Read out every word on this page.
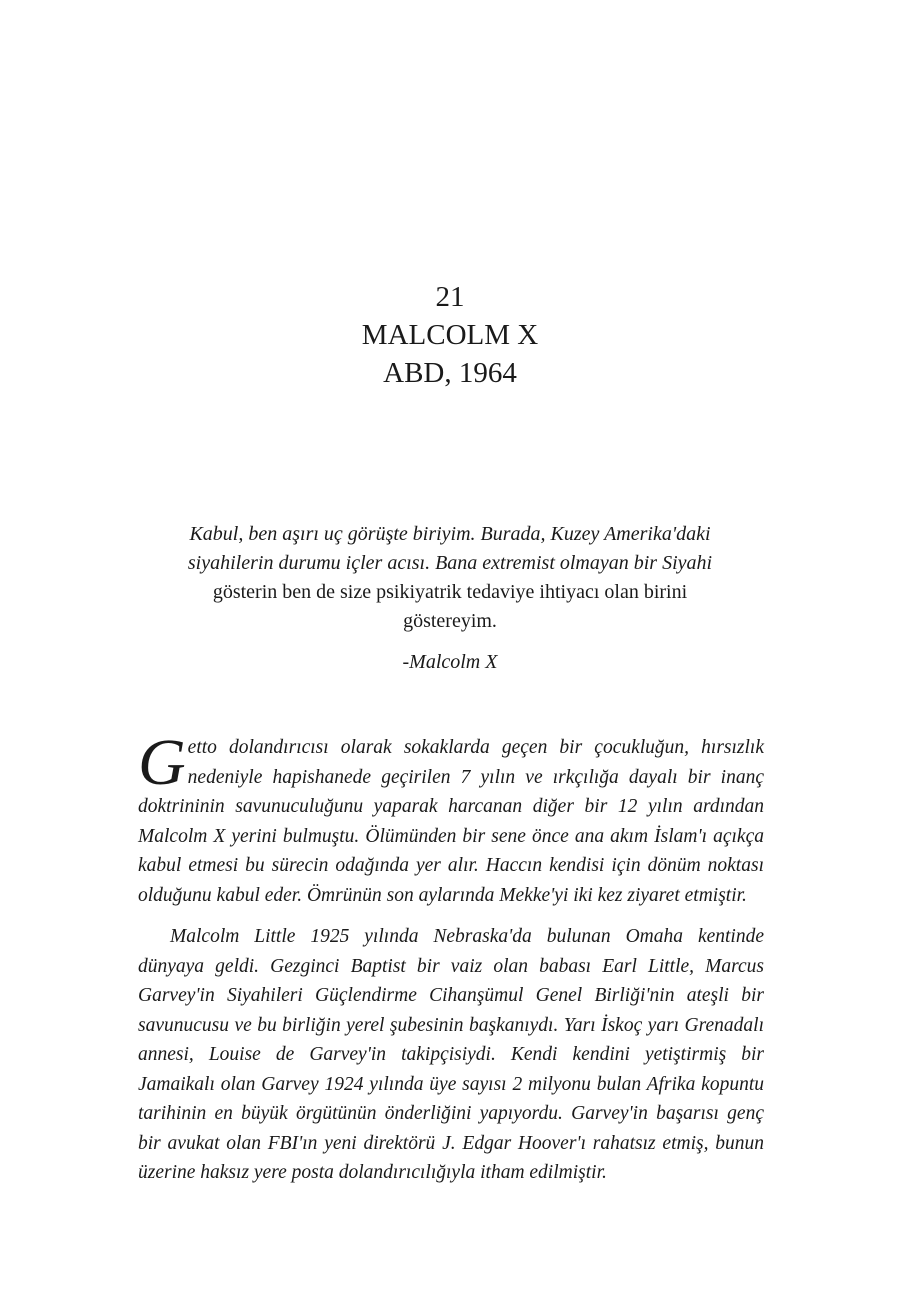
21
MALCOLM X
ABD, 1964
Kabul, ben aşırı uç görüşte biriyim. Burada, Kuzey Amerika'daki siyahilerin durumu içler acısı. Bana extremist olmayan bir Siyahi gösterin ben de size psikiyatrik tedaviye ihtiyacı olan birini göstereyim.
-Malcolm X

Getto dolandırıcısı olarak sokaklarda geçen bir çocukluğun, hırsızlık nedeniyle hapishanede geçirilen 7 yılın ve ırkçılığa dayalı bir inanç doktrininin savunuculuğunu yaparak harcanan diğer bir 12 yılın ardından Malcolm X yerini bulmuştu. Ölümünden bir sene önce ana akım İslam'ı açıkça kabul etmesi bu sürecin odağında yer alır. Haccın kendisi için dönüm noktası olduğunu kabul eder. Ömrünün son aylarında Mekke'yi iki kez ziyaret etmiştir.

Malcolm Little 1925 yılında Nebraska'da bulunan Omaha kentinde dünyaya geldi. Gezginci Baptist bir vaiz olan babası Earl Little, Marcus Garvey'in Siyahileri Güçlendirme Cihanşümul Genel Birliği'nin ateşli bir savunucusu ve bu birliğin yerel şubesinin başkanıydı. Yarı İskoç yarı Grenadalı annesi, Louise de Garvey'in takipçisiydi. Kendi kendini yetiştirmiş bir Jamaikalı olan Garvey 1924 yılında üye sayısı 2 milyonu bulan Afrika kopuntu tarihinin en büyük örgütünün önderliğini yapıyordu. Garvey'in başarısı genç bir avukat olan FBI'ın yeni direktörü J. Edgar Hoover'ı rahatsız etmiş, bunun üzerine haksız yere posta dolandırıcılığıyla itham edilmiştir.
